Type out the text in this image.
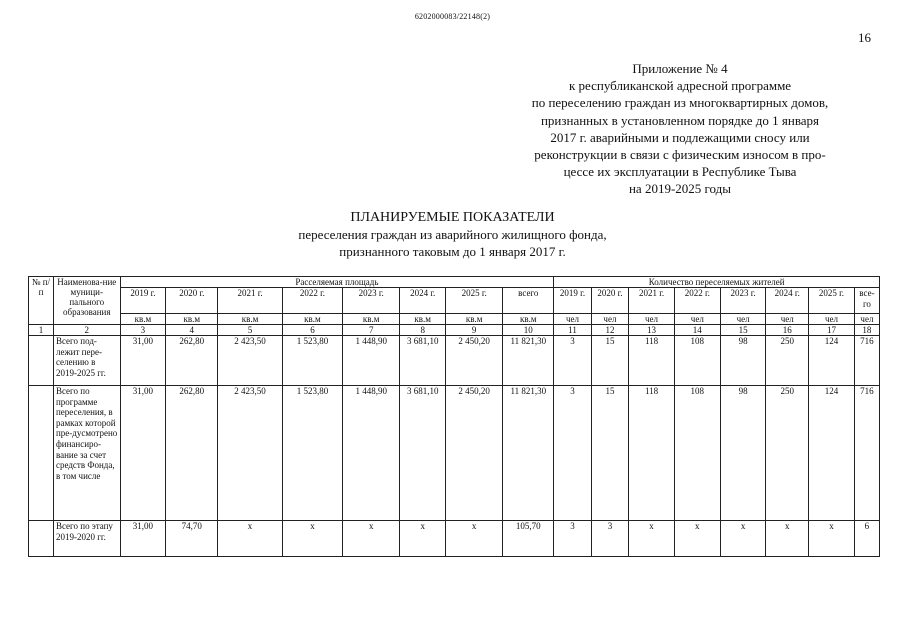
6202000083/22148(2)
16
Приложение № 4
к республиканской адресной программе
по переселению граждан из многоквартирных домов,
признанных в установленном порядке до 1 января
2017 г. аварийными и подлежащими сносу или
реконструкции в связи с физическим износом в про-
цессе их эксплуатации в Республике Тыва
на 2019-2025 годы
ПЛАНИРУЕМЫЕ ПОКАЗАТЕЛИ
переселения граждан из аварийного жилищного фонда,
признанного таковым до 1 января 2017 г.
№ п/п	Наименова-ние муници-пального образования	Расселяемая площадь								Количество переселяемых жителей							
		2019 г.	2020 г.	2021 г.	2022 г.	2023 г.	2024 г.	2025 г.	всего	2019 г.	2020 г.	2021 г.	2022 г.	2023 г.	2024 г.	2025 г.	все-го
		кв.м	кв.м	кв.м	кв.м	кв.м	кв.м	кв.м	кв.м	чел	чел	чел	чел	чел	чел	чел	чел
1	2	3	4	5	6	7	8	9	10	11	12	13	14	15	16	17	18
	Всего под-лежит пере-селению в 2019-2025 гг.	31,00	262,80	2 423,50	1 523,80	1 448,90	3 681,10	2 450,20	11 821,30	3	15	118	108	98	250	124	716
	Всего по программе переселения, в рамках которой пре-дусмотрено финансиро-вание за счет средств Фонда, в том числе	31,00	262,80	2 423,50	1 523,80	1 448,90	3 681,10	2 450,20	11 821,30	3	15	118	108	98	250	124	716
	Всего по этапу 2019-2020 гг.	31,00	74,70	x	x	x	x	x	105,70	3	3	x	x	x	x	x	6
